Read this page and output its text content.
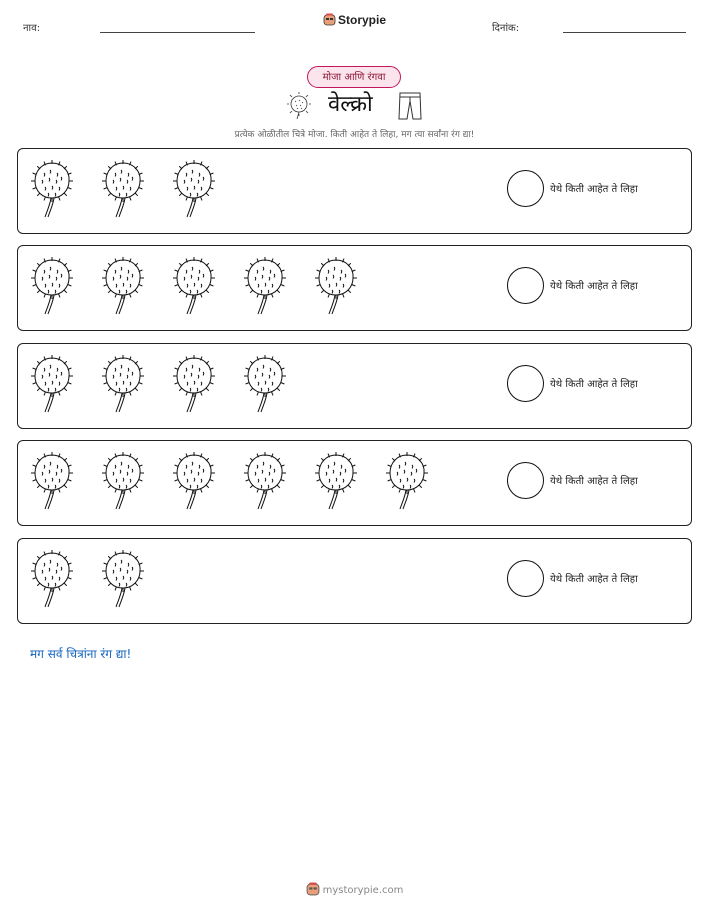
नाव:
Storypie
दिनांक:
मोजा आणि रंगवा
वेल्क्रो
प्रत्येक ओळीतील चित्रे मोजा. किती आहेत ते लिहा, मग त्या सर्वांना रंग द्या!
येथे किती आहेत ते लिहा
येथे किती आहेत ते लिहा
येथे किती आहेत ते लिहा
येथे किती आहेत ते लिहा
येथे किती आहेत ते लिहा
मग सर्व चित्रांना रंग द्या!
mystorypie.com
